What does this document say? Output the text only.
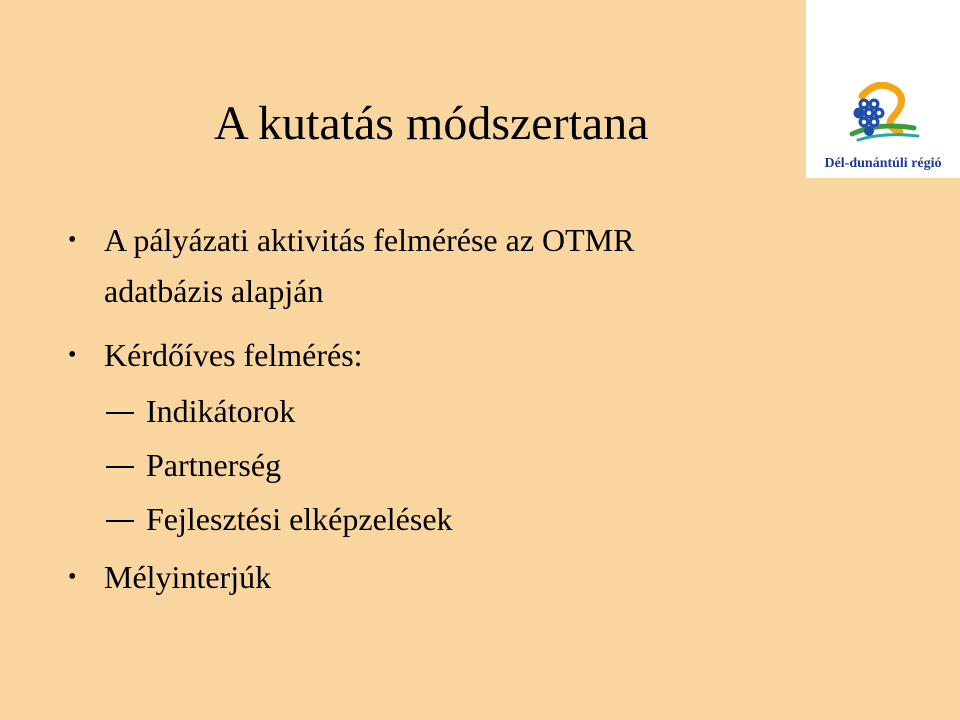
Dél-dunántúli régió
A kutatás módszertana
• A pályázati aktivitás felmérése az OTMR
adatbázis alapján
• Kérdőíves felmérés:
Indikátorok
Partnerség
Fejlesztési elképzelések
• Mélyinterjúk
